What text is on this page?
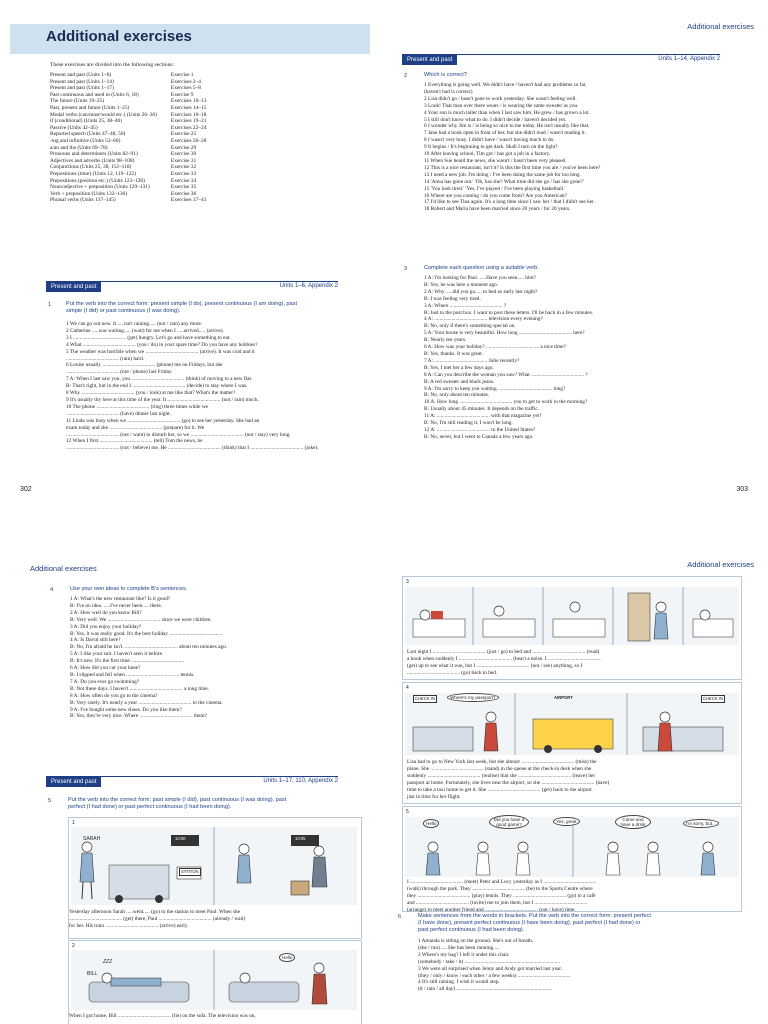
Additional exercises
These exercises are divided into the following sections:
Present and past (Units 1–6)	Exercise 1
Present and past (Units 1–14)	Exercises 2–4
Present and past (Units 1–17)	Exercises 5–8
Past continuous and used to (Units 6, 18)	Exercise 9
The future (Units 19–25)	Exercises 10–13
Past, present and future (Units 1–25)	Exercises 14–15
Modal verbs (can/must/would etc.) (Units 26–36)	Exercises 16–18
if (conditional) (Units 25, 38–40)	Exercises 19–21
Passive (Units 42–45)	Exercises 22–24
Reported speech (Units 47–48, 50)	Exercise 25
-ing and infinitive (Units 53–66)	Exercises 26–28
a/an and the (Units 69–78)	Exercise 29
Pronouns and determiners (Units 82–91)	Exercise 30
Adjectives and adverbs (Units 98–108)	Exercise 31
Conjunctions (Units 25, 38, 112–118)	Exercise 32
Prepositions (time) (Units 12, 119–122)	Exercise 33
Prepositions (position etc.) (Units 123–128)	Exercise 34
Noun/adjective + preposition (Units 129–131)	Exercise 35
Verb + preposition (Units 132–136)	Exercise 36
Phrasal verbs (Units 137–145)	Exercises 37–41
Present and past	Units 1–6, Appendix 2
1	Put the verb into the correct form: present simple (I do), present continuous (I am doing), past
simple (I did) or past continuous (I was doing).
1 We can go out now. It .....isn't raining..... (not / rain) any more.
2 Catherine .....was waiting..... (wait) for me when I .....arrived..... (arrive).
3 I ........................................ (get) hungry. Let's go and have something to eat.
4 What ........................................ (you / do) in your spare time? Do you have any hobbies?
5 The weather was horrible when we ........................................ (arrive). It was cold and it
........................................ (rain) hard.
6 Louise usually ........................................ (phone) me on Fridays, but she
........................................ (not / phone) last Friday.
7 A: When I last saw you, you ........................................ (think) of moving to a new flat.
B: That's right, but in the end I ........................................ (decide) to stay where I was.
8 Why ........................................ (you / look) at me like that? What's the matter?
9 It's usually dry here at this time of the year. It ........................................ (not / rain) much.
10 The phone ........................................ (ring) three times while we
........................................ (have) dinner last night.
11 Linda was busy when we ........................................ (go) to see her yesterday. She had an
exam today and she ........................................ (prepare) for it. We
........................................ (not / want) to disturb her, so we ........................................ (not / stay) very long.
12 When I first ........................................ (tell) Tom the news, he
........................................ (not / believe) me. He ........................................ (think) that I ........................................ (joke).
302
Additional exercises
Present and past	Units 1–14, Appendix 2
2	Which is correct?
1 Everything is going well. We didn't have / haven't had any problems so far.
(haven't had is correct)
2 Lisa didn't go / hasn't gone to work yesterday. She wasn't feeling well.
3 Look! That man over there wears / is wearing the same sweater as you.
4 Your son is much taller than when I last saw him. He grew / has grown a lot.
5 I still don't know what to do. I didn't decide / haven't decided yet.
6 I wonder why Jim is / is being so nice to me today. He isn't usually like that.
7 Jane had a book open in front of her, but she didn't read / wasn't reading it.
8 I wasn't very busy. I didn't have / wasn't having much to do.
9 It begins / It's beginning to get dark. Shall I turn on the light?
10 After leaving school, Tim got / has got a job in a factory.
11 When Sue heard the news, she wasn't / hasn't been very pleased.
12 This is a nice restaurant, isn't it? Is this the first time you are / you've been here?
13 I need a new job. I'm doing / I've been doing the same job for too long.
14 'Anna has gone out.' 'Oh, has she? What time did she go / has she gone?'
15 'You look tired.' 'Yes, I've played / I've been playing basketball.'
16 Where are you coming / do you come from? Are you American?
17 I'd like to see Tina again. It's a long time since I saw her / that I didn't see her.
18 Robert and Maria have been married since 20 years / for 20 years.
3	Complete each question using a suitable verb.
1 A: I'm looking for Paul. .....Have you seen..... him?
B: Yes, he was here a moment ago.
2 A: Why .....did you go..... to bed so early last night?
B: I was feeling very tired.
3 A: Where ........................................ ?
B: Just to the post box. I want to post these letters. I'll be back in a few minutes.
4 A: ........................................ television every evening?
B: No, only if there's something special on.
5 A: Your house is very beautiful. How long ........................................ here?
B: Nearly ten years.
6 A: How was your holiday? ........................................ a nice time?
B: Yes, thanks. It was great.
7 A: ........................................ Julie recently?
B: Yes, I met her a few days ago.
8 A: Can you describe the woman you saw? What ........................................ ?
B: A red sweater and black jeans.
9 A: I'm sorry to keep you waiting. ........................................ long?
B: No, only about ten minutes.
10 A: How long ........................................ you to get to work in the morning?
B: Usually about 45 minutes. It depends on the traffic.
11 A: ........................................ with that magazine yet?
B: No, I'm still reading it. I won't be long.
12 A: ........................................ to the United States?
B: No, never, but I went to Canada a few years ago.
303
Additional exercises
4	Use your own ideas to complete B's sentences.
1 A: What's the new restaurant like? Is it good?
B: I've no idea. .....I've never been..... there.
2 A: How well do you know Bill?
B: Very well. We ........................................ since we were children.
3 A: Did you enjoy your holiday?
B: Yes, it was really good. It's the best holiday ........................................
4 A: Is David still here?
B: No, I'm afraid he isn't. ........................................ about ten minutes ago.
5 A: I like your suit. I haven't seen it before.
B: It's new. It's the first time ........................................
6 A: How did you cut your knee?
B: I slipped and fell when ........................................ tennis.
7 A: Do you ever go swimming?
B: Not these days. I haven't ........................................ a long time.
8 A: How often do you go to the cinema?
B: Very rarely. It's nearly a year ........................................ to the cinema.
9 A: I've bought some new shoes. Do you like them?
B: Yes, they're very nice. Where ........................................ them?
Present and past	Units 1–17, 110, Appendix 2
5	Put the verb into the correct form: past simple (I did), past continuous (I was doing), past
perfect (I had done) or past perfect continuous (I had been doing).
1
SARAH	10:00	10:05
STATION
Yesterday afternoon Sarah .....went..... (go) to the station to meet Paul. When she
........................................ (get) there, Paul ........................................ (already / wait)
for her. His train ........................................ (arrive) early.
2
BILL
ZZZ
Hello
When I got home, Bill ........................................ (lie) on the sofa. The television was on,
Additional exercises
3
Last night I ........................................ (just / go) to bed and ........................................ (read)
a book when suddenly I ........................................ (hear) a noise. I ........................................
(get) up to see what it was, but I ........................................ (not / see) anything, so I
........................................ (go) back to bed.
4
CHECK IN	Where's my passport?	AIRPORT	CHECK IN
Lisa had to go to New York last week, but she almost ........................................ (miss) the
plane. She ........................................ (stand) in the queue at the check-in desk when she
suddenly ........................................ (realise) that she ........................................ (leave) her
passport at home. Fortunately, she lives near the airport, so she ........................................ (have)
time to take a taxi home to get it. She ........................................ (get) back to the airport
just in time for her flight.
5
Hello
Did you have a good game?
Yes, great	Come and have a drink	I'm sorry, but...
I ........................................ (meet) Peter and Lucy yesterday as I ........................................
(walk) through the park. They ........................................ (be) to the Sports Centre where
they ........................................ (play) tennis. They ........................................ (go) to a café
and ........................................ (invite) me to join them, but I ........................................
(arrange) to meet another friend and ........................................ (not / have) time.
6	Make sentences from the words in brackets. Put the verb into the correct form: present perfect
(I have done), present perfect continuous (I have been doing), past perfect (I had done) or
past perfect continuous (I had been doing).
1 Amanda is sitting on the ground. She's out of breath.
(she / run) .....She has been running.....
2 Where's my bag? I left it under this chair.
(somebody / take / it) ........................................................................
3 We were all surprised when Jenny and Andy got married last year.
(they / only / know / each other / a few weeks) ........................................
4 It's still raining. I wish it would stop.
(it / rain / all day) ........................................................................
